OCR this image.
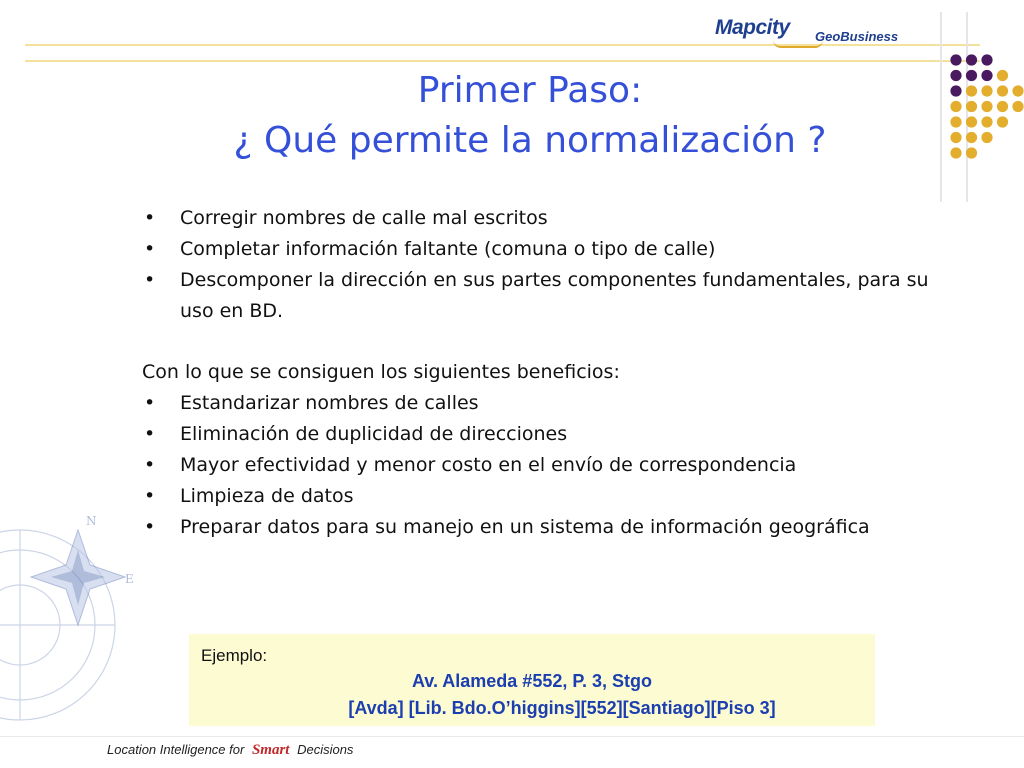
Mapcity GeoBusiness
N
E
Primer Paso:
¿ Qué permite la normalización ?
• Corregir nombres de calle mal escritos
• Completar información faltante (comuna o tipo de calle)
• Descomponer la dirección en sus partes componentes fundamentales, para su uso en BD.

Con lo que se consiguen los siguientes beneficios:

• Estandarizar nombres de calles
• Eliminación de duplicidad de direcciones
• Mayor efectividad y menor costo en el envío de correspondencia
• Limpieza de datos
• Preparar datos para su manejo en un sistema de información geográfica
Ejemplo:
Av. Alameda #552, P. 3, Stgo
[Avda] [Lib. Bdo.O’higgins][552][Santiago][Piso 3]
Location Intelligence for Smart Decisions
